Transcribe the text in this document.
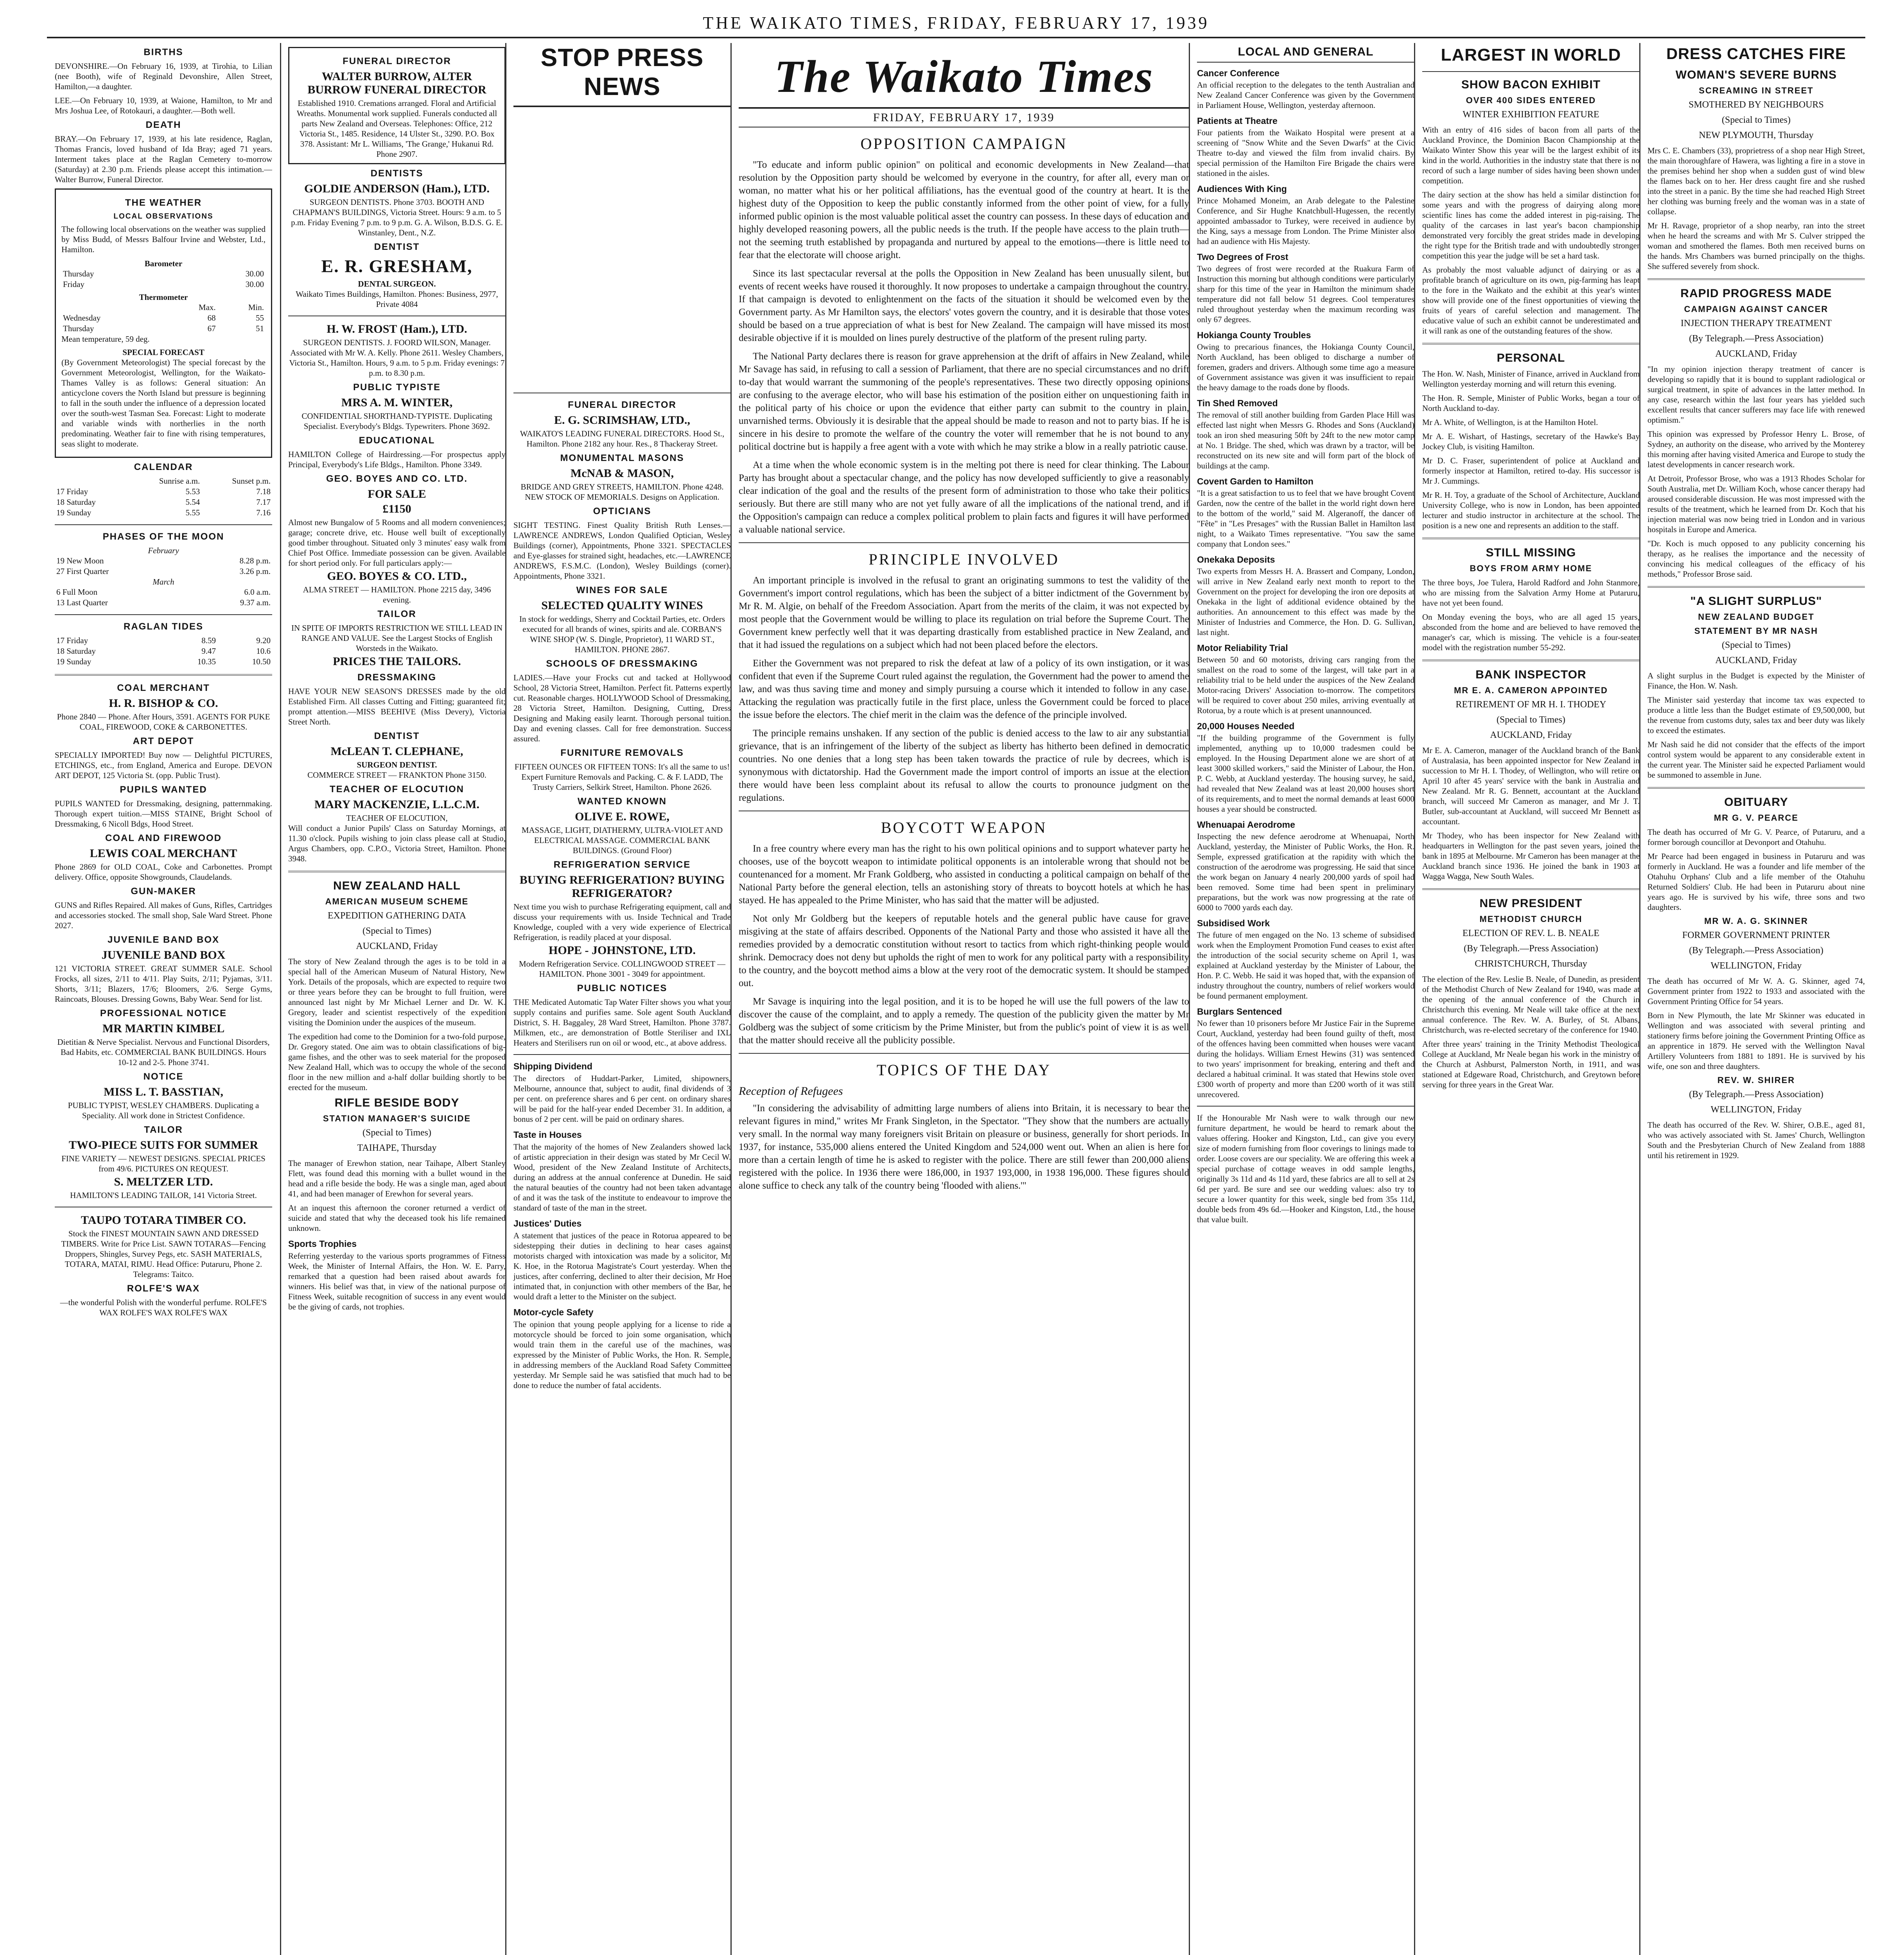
THE WAIKATO TIMES, FRIDAY, FEBRUARY 17, 1939
BIRTHS

DEVONSHIRE.—On February 16, 1939, at Tirohia, to Lilian (nee Booth), wife of Reginald Devonshire, Allen Street, Hamilton,—a daughter.

LEE.—On February 10, 1939, at Waione, Hamilton, to Mr and Mrs Joshua Lee, of Rotokauri, a daughter.—Both well.

DEATH

BRAY.—On February 17, 1939, at his late residence, Raglan, Thomas Francis, loved husband of Ida Bray; aged 71 years. Interment takes place at the Raglan Cemetery to-morrow (Saturday) at 2.30 p.m. Friends please accept this intimation.—Walter Burrow, Funeral Director.

THE WEATHER
LOCAL OBSERVATIONS

The following local observations on the weather was supplied by Miss Budd, of Messrs Balfour Irvine and Webster, Ltd., Hamilton.

Barometer
Thursday	30.00
Friday	30.00
Thermometer
	Max.	Min.
Wednesday	68	55
Thursday	67	51
Mean temperature, 59 deg.
SPECIAL FORECAST

(By Government Meteorologist) The special forecast by the Government Meteorologist, Wellington, for the Waikato-Thames Valley is as follows: General situation: An anticyclone covers the North Island but pressure is beginning to fall in the south under the influence of a depression located over the south-west Tasman Sea. Forecast: Light to moderate and variable winds with northerlies in the north predominating. Weather fair to fine with rising temperatures, seas slight to moderate.

CALENDAR
	Sunrise a.m.	Sunset p.m.
17 Friday	5.53	7.18
18 Saturday	5.54	7.17
19 Sunday	5.55	7.16
PHASES OF THE MOON
February
19 New Moon	8.28 p.m.
27 First Quarter	3.26 p.m.
March
6 Full Moon	6.0 a.m.
13 Last Quarter	9.37 a.m.
RAGLAN TIDES
17 Friday	8.59	9.20
18 Saturday	9.47	10.6
19 Sunday	10.35	10.50
COAL MERCHANT
H. R. BISHOP & CO.
Phone 2840 — Phone. After Hours, 3591. AGENTS FOR PUKE COAL, FIREWOOD, COKE & CARBONETTES.
ART DEPOT
SPECIALLY IMPORTED! Buy now — Delightful PICTURES, ETCHINGS, etc., from England, America and Europe. DEVON ART DEPOT, 125 Victoria St. (opp. Public Trust).
PUPILS WANTED
PUPILS WANTED for Dressmaking, designing, patternmaking. Thorough expert tuition.—MISS STAINE, Bright School of Dressmaking, 6 Nicoll Bdgs, Hood Street.
COAL AND FIREWOOD
LEWIS COAL MERCHANT
Phone 2869 for OLD COAL, Coke and Carbonettes. Prompt delivery. Office, opposite Showgrounds, Claudelands.
GUN-MAKER
GUNS and Rifles Repaired. All makes of Guns, Rifles, Cartridges and accessories stocked. The small shop, Sale Ward Street. Phone 2027.
JUVENILE BAND BOX
JUVENILE BAND BOX
121 VICTORIA STREET. GREAT SUMMER SALE. School Frocks, all sizes, 2/11 to 4/11. Play Suits, 2/11; Pyjamas, 3/11. Shorts, 3/11; Blazers, 17/6; Bloomers, 2/6. Serge Gyms, Raincoats, Blouses. Dressing Gowns, Baby Wear. Send for list.
PROFESSIONAL NOTICE
MR MARTIN KIMBEL
Dietitian & Nerve Specialist. Nervous and Functional Disorders, Bad Habits, etc. COMMERCIAL BANK BUILDINGS. Hours 10-12 and 2-5. Phone 3741.
NOTICE
MISS L. T. BASSTIAN,
PUBLIC TYPIST, WESLEY CHAMBERS. Duplicating a Speciality. All work done in Strictest Confidence.
TAILOR
TWO-PIECE SUITS FOR SUMMER
FINE VARIETY — NEWEST DESIGNS. SPECIAL PRICES from 49/6. PICTURES ON REQUEST.
S. MELTZER LTD.
HAMILTON'S LEADING TAILOR, 141 Victoria Street.
TAUPO TOTARA TIMBER CO.
Stock the FINEST MOUNTAIN SAWN AND DRESSED TIMBERS. Write for Price List. SAWN TOTARAS—Fencing Droppers, Shingles, Survey Pegs, etc. SASH MATERIALS, TOTARA, MATAI, RIMU. Head Office: Putaruru, Phone 2. Telegrams: Taitco.
ROLFE'S WAX
—the wonderful Polish with the wonderful perfume. ROLFE'S WAX ROLFE'S WAX ROLFE'S WAX
FUNERAL DIRECTOR
WALTER BURROW, ALTER BURROW FUNERAL DIRECTOR
Established 1910. Cremations arranged. Floral and Artificial Wreaths. Monumental work supplied. Funerals conducted all parts New Zealand and Overseas. Telephones: Office, 212 Victoria St., 1485. Residence, 14 Ulster St., 3290. P.O. Box 378. Assistant: Mr L. Williams, 'The Grange,' Hukanui Rd. Phone 2907.
DENTISTS
GOLDIE ANDERSON (Ham.), LTD.
SURGEON DENTISTS. Phone 3703. BOOTH AND CHAPMAN'S BUILDINGS, Victoria Street. Hours: 9 a.m. to 5 p.m. Friday Evening 7 p.m. to 9 p.m. G. A. Wilson, B.D.S. G. E. Winstanley, Dent., N.Z.
DENTIST
E. R. GRESHAM,
DENTAL SURGEON.
Waikato Times Buildings, Hamilton. Phones: Business, 2977, Private 4084
H. W. FROST (Ham.), LTD.
SURGEON DENTISTS. J. FOORD WILSON, Manager. Associated with Mr W. A. Kelly. Phone 2611. Wesley Chambers, Victoria St., Hamilton. Hours, 9 a.m. to 5 p.m. Friday evenings: 7 p.m. to 8.30 p.m.
PUBLIC TYPISTE
MRS A. M. WINTER,
CONFIDENTIAL SHORTHAND-TYPISTE. Duplicating Specialist. Everybody's Bldgs. Typewriters. Phone 3692.
EDUCATIONAL
HAMILTON College of Hairdressing.—For prospectus apply Principal, Everybody's Life Bldgs., Hamilton. Phone 3349.
GEO. BOYES AND CO. LTD.
FOR SALE
£1150
Almost new Bungalow of 5 Rooms and all modern conveniences; garage; concrete drive, etc. House well built of exceptionally good timber throughout. Situated only 3 minutes' easy walk from Chief Post Office. Immediate possession can be given. Available for short period only. For full particulars apply:—
GEO. BOYES & CO. LTD.,
ALMA STREET — HAMILTON. Phone 2215 day, 3496 evening.
TAILOR
IN SPITE OF IMPORTS RESTRICTION WE STILL LEAD IN RANGE AND VALUE. See the Largest Stocks of English Worsteds in the Waikato.
PRICES THE TAILORS.
DRESSMAKING
HAVE YOUR NEW SEASON'S DRESSES made by the old Established Firm. All classes Cutting and Fitting; guaranteed fit; prompt attention.—MISS BEEHIVE (Miss Devery), Victoria Street North.
DENTIST
McLEAN T. CLEPHANE,
SURGEON DENTIST.
COMMERCE STREET — FRANKTON Phone 3150.
TEACHER OF ELOCUTION
MARY MACKENZIE, L.L.C.M.
TEACHER OF ELOCUTION,
Will conduct a Junior Pupils' Class on Saturday Mornings, at 11.30 o'clock. Pupils wishing to join class please call at Studio, Argus Chambers, opp. C.P.O., Victoria Street, Hamilton. Phone 3948.
NEW ZEALAND HALL
AMERICAN MUSEUM SCHEME
EXPEDITION GATHERING DATA
(Special to Times)
AUCKLAND, Friday

The story of New Zealand through the ages is to be told in a special hall of the American Museum of Natural History, New York. Details of the proposals, which are expected to require two or three years before they can be brought to full fruition, were announced last night by Mr Michael Lerner and Dr. W. K. Gregory, leader and scientist respectively of the expedition visiting the Dominion under the auspices of the museum.

The expedition had come to the Dominion for a two-fold purpose, Dr. Gregory stated. One aim was to obtain classifications of big-game fishes, and the other was to seek material for the proposed New Zealand Hall, which was to occupy the whole of the second floor in the new million and a-half dollar building shortly to be erected for the museum.

RIFLE BESIDE BODY
STATION MANAGER'S SUICIDE
(Special to Times)
TAIHAPE, Thursday

The manager of Erewhon station, near Taihape, Albert Stanley Flett, was found dead this morning with a bullet wound in the head and a rifle beside the body. He was a single man, aged about 41, and had been manager of Erewhon for several years.

At an inquest this afternoon the coroner returned a verdict of suicide and stated that why the deceased took his life remained unknown.

Sports Trophies
Referring yesterday to the various sports programmes of Fitness Week, the Minister of Internal Affairs, the Hon. W. E. Parry, remarked that a question had been raised about awards for winners. His belief was that, in view of the national purpose of Fitness Week, suitable recognition of success in any event would be the giving of cards, not trophies.
STOP PRESS NEWS
FUNERAL DIRECTOR
E. G. SCRIMSHAW, LTD.,
WAIKATO'S LEADING FUNERAL DIRECTORS. Hood St., Hamilton. Phone 2182 any hour. Res., 8 Thackeray Street.
MONUMENTAL MASONS
McNAB & MASON,
BRIDGE AND GREY STREETS, HAMILTON. Phone 4248. NEW STOCK OF MEMORIALS. Designs on Application.
OPTICIANS
SIGHT TESTING. Finest Quality British Ruth Lenses.—LAWRENCE ANDREWS, London Qualified Optician, Wesley Buildings (corner), Appointments, Phone 3321. SPECTACLES and Eye-glasses for strained sight, headaches, etc.—LAWRENCE ANDREWS, F.S.M.C. (London), Wesley Buildings (corner). Appointments, Phone 3321.
WINES FOR SALE
SELECTED QUALITY WINES
In stock for weddings, Sherry and Cocktail Parties, etc. Orders executed for all brands of wines, spirits and ale. CORBAN'S WINE SHOP (W. S. Dingle, Proprietor), 11 WARD ST., HAMILTON. PHONE 2867.
SCHOOLS OF DRESSMAKING
LADIES.—Have your Frocks cut and tacked at Hollywood School, 28 Victoria Street, Hamilton. Perfect fit. Patterns expertly cut. Reasonable charges. HOLLYWOOD School of Dressmaking, 28 Victoria Street, Hamilton. Designing, Cutting, Dress Designing and Making easily learnt. Thorough personal tuition. Day and evening classes. Call for free demonstration. Success assured.
FURNITURE REMOVALS
FIFTEEN OUNCES OR FIFTEEN TONS: It's all the same to us! Expert Furniture Removals and Packing. C. & F. LADD, The Trusty Carriers, Selkirk Street, Hamilton. Phone 2626.
WANTED KNOWN
OLIVE E. ROWE,
MASSAGE, LIGHT, DIATHERMY, ULTRA-VIOLET AND ELECTRICAL MASSAGE. COMMERCIAL BANK BUILDINGS. (Ground Floor)
REFRIGERATION SERVICE
BUYING REFRIGERATION? BUYING REFRIGERATOR?
Next time you wish to purchase Refrigerating equipment, call and discuss your requirements with us. Inside Technical and Trade Knowledge, coupled with a very wide experience of Electrical Refrigeration, is readily placed at your disposal.
HOPE - JOHNSTONE, LTD.
Modern Refrigeration Service. COLLINGWOOD STREET — HAMILTON. Phone 3001 - 3049 for appointment.
PUBLIC NOTICES
THE Medicated Automatic Tap Water Filter shows you what your supply contains and purifies same. Sole agent South Auckland District, S. H. Baggaley, 28 Ward Street, Hamilton. Phone 3787. Milkmen, etc., are demonstration of Bottle Steriliser and IXL Heaters and Sterilisers run on oil or wood, etc., at above address.
Shipping Dividend
The directors of Huddart-Parker, Limited, shipowners, Melbourne, announce that, subject to audit, final dividends of 3 per cent. on preference shares and 6 per cent. on ordinary shares will be paid for the half-year ended December 31. In addition, a bonus of 2 per cent. will be paid on ordinary shares.
Taste in Houses
That the majority of the homes of New Zealanders showed lack of artistic appreciation in their design was stated by Mr Cecil W. Wood, president of the New Zealand Institute of Architects, during an address at the annual conference at Dunedin. He said the natural beauties of the country had not been taken advantage of and it was the task of the institute to endeavour to improve the standard of taste of the man in the street.
Justices' Duties
A statement that justices of the peace in Rotorua appeared to be sidestepping their duties in declining to hear cases against motorists charged with intoxication was made by a solicitor, Mr K. Hoe, in the Rotorua Magistrate's Court yesterday. When the justices, after conferring, declined to alter their decision, Mr Hoe intimated that, in conjunction with other members of the Bar, he would draft a letter to the Minister on the subject.
Motor-cycle Safety
The opinion that young people applying for a license to ride a motorcycle should be forced to join some organisation, which would train them in the careful use of the machines, was expressed by the Minister of Public Works, the Hon. R. Semple, in addressing members of the Auckland Road Safety Committee yesterday. Mr Semple said he was satisfied that much had to be done to reduce the number of fatal accidents.
The Waikato Times
FRIDAY, FEBRUARY 17, 1939
OPPOSITION CAMPAIGN

"To educate and inform public opinion" on political and economic developments in New Zealand—that resolution by the Opposition party should be welcomed by everyone in the country, for after all, every man or woman, no matter what his or her political affiliations, has the eventual good of the country at heart. It is the highest duty of the Opposition to keep the public constantly informed from the other point of view, for a fully informed public opinion is the most valuable political asset the country can possess. In these days of education and highly developed reasoning powers, all the public needs is the truth. If the people have access to the plain truth—not the seeming truth established by propaganda and nurtured by appeal to the emotions—there is little need to fear that the electorate will choose aright.

Since its last spectacular reversal at the polls the Opposition in New Zealand has been unusually silent, but events of recent weeks have roused it thoroughly. It now proposes to undertake a campaign throughout the country. If that campaign is devoted to enlightenment on the facts of the situation it should be welcomed even by the Government party. As Mr Hamilton says, the electors' votes govern the country, and it is desirable that those votes should be based on a true appreciation of what is best for New Zealand. The campaign will have missed its most desirable objective if it is moulded on lines purely destructive of the platform of the present ruling party.

The National Party declares there is reason for grave apprehension at the drift of affairs in New Zealand, while Mr Savage has said, in refusing to call a session of Parliament, that there are no special circumstances and no drift to-day that would warrant the summoning of the people's representatives. These two directly opposing opinions are confusing to the average elector, who will base his estimation of the position either on unquestioning faith in the political party of his choice or upon the evidence that either party can submit to the country in plain, unvarnished terms. Obviously it is desirable that the appeal should be made to reason and not to party bias. If he is sincere in his desire to promote the welfare of the country the voter will remember that he is not bound to any political doctrine but is happily a free agent with a vote with which he may strike a blow in a really patriotic cause.

At a time when the whole economic system is in the melting pot there is need for clear thinking. The Labour Party has brought about a spectacular change, and the policy has now developed sufficiently to give a reasonably clear indication of the goal and the results of the present form of administration to those who take their politics seriously. But there are still many who are not yet fully aware of all the implications of the national trend, and if the Opposition's campaign can reduce a complex political problem to plain facts and figures it will have performed a valuable national service.

PRINCIPLE INVOLVED

An important principle is involved in the refusal to grant an originating summons to test the validity of the Government's import control regulations, which has been the subject of a bitter indictment of the Government by Mr R. M. Algie, on behalf of the Freedom Association. Apart from the merits of the claim, it was not expected by most people that the Government would be willing to place its regulation on trial before the Supreme Court. The Government knew perfectly well that it was departing drastically from established practice in New Zealand, and that it had issued the regulations on a subject which had not been placed before the electors.

Either the Government was not prepared to risk the defeat at law of a policy of its own instigation, or it was confident that even if the Supreme Court ruled against the regulation, the Government had the power to amend the law, and was thus saving time and money and simply pursuing a course which it intended to follow in any case. Attacking the regulation was practically futile in the first place, unless the Government could be forced to place the issue before the electors. The chief merit in the claim was the defence of the principle involved.

The principle remains unshaken. If any section of the public is denied access to the law to air any substantial grievance, that is an infringement of the liberty of the subject as liberty has hitherto been defined in democratic countries. No one denies that a long step has been taken towards the practice of rule by decrees, which is synonymous with dictatorship. Had the Government made the import control of imports an issue at the election there would have been less complaint about its refusal to allow the courts to pronounce judgment on the regulations.

BOYCOTT WEAPON

In a free country where every man has the right to his own political opinions and to support whatever party he chooses, use of the boycott weapon to intimidate political opponents is an intolerable wrong that should not be countenanced for a moment. Mr Frank Goldberg, who assisted in conducting a political campaign on behalf of the National Party before the general election, tells an astonishing story of threats to boycott hotels at which he has stayed. He has appealed to the Prime Minister, who has said that the matter will be adjusted.

Not only Mr Goldberg but the keepers of reputable hotels and the general public have cause for grave misgiving at the state of affairs described. Opponents of the National Party and those who assisted it have all the remedies provided by a democratic constitution without resort to tactics from which right-thinking people would shrink. Democracy does not deny but upholds the right of men to work for any political party with a responsibility to the country, and the boycott method aims a blow at the very root of the democratic system. It should be stamped out.

Mr Savage is inquiring into the legal position, and it is to be hoped he will use the full powers of the law to discover the cause of the complaint, and to apply a remedy. The question of the publicity given the matter by Mr Goldberg was the subject of some criticism by the Prime Minister, but from the public's point of view it is as well that the matter should receive all the publicity possible.

TOPICS OF THE DAY
Reception of Refugees

"In considering the advisability of admitting large numbers of aliens into Britain, it is necessary to bear the relevant figures in mind," writes Mr Frank Singleton, in the Spectator. "They show that the numbers are actually very small. In the normal way many foreigners visit Britain on pleasure or business, generally for short periods. In 1937, for instance, 535,000 aliens entered the United Kingdom and 524,000 went out. When an alien is here for more than a certain length of time he is asked to register with the police. There are still fewer than 200,000 aliens registered with the police. In 1936 there were 186,000, in 1937 193,000, in 1938 196,000. These figures should alone suffice to check any talk of the country being 'flooded with aliens.'"

LOCAL AND GENERAL
Cancer Conference

An official reception to the delegates to the tenth Australian and New Zealand Cancer Conference was given by the Government in Parliament House, Wellington, yesterday afternoon.

Patients at Theatre

Four patients from the Waikato Hospital were present at a screening of "Snow White and the Seven Dwarfs" at the Civic Theatre to-day and viewed the film from invalid chairs. By special permission of the Hamilton Fire Brigade the chairs were stationed in the aisles.

Audiences With King

Prince Mohamed Moneim, an Arab delegate to the Palestine Conference, and Sir Hughe Knatchbull-Hugessen, the recently appointed ambassador to Turkey, were received in audience by the King, says a message from London. The Prime Minister also had an audience with His Majesty.

Two Degrees of Frost

Two degrees of frost were recorded at the Ruakura Farm of Instruction this morning but although conditions were particularly sharp for this time of the year in Hamilton the minimum shade temperature did not fall below 51 degrees. Cool temperatures ruled throughout yesterday when the maximum recording was only 67 degrees.

Hokianga County Troubles

Owing to precarious finances, the Hokianga County Council, North Auckland, has been obliged to discharge a number of foremen, graders and drivers. Although some time ago a measure of Government assistance was given it was insufficient to repair the heavy damage to the roads done by floods.

Tin Shed Removed

The removal of still another building from Garden Place Hill was effected last night when Messrs G. Rhodes and Sons (Auckland) took an iron shed measuring 50ft by 24ft to the new motor camp at No. 1 Bridge. The shed, which was drawn by a tractor, will be reconstructed on its new site and will form part of the block of buildings at the camp.

Covent Garden to Hamilton

"It is a great satisfaction to us to feel that we have brought Covent Garden, now the centre of the ballet in the world right down here to the bottom of the world," said M. Algeranoff, the dancer of "Fête" in "Les Presages" with the Russian Ballet in Hamilton last night, to a Waikato Times representative. "You saw the same company that London sees."

Onekaka Deposits

Two experts from Messrs H. A. Brassert and Company, London, will arrive in New Zealand early next month to report to the Government on the project for developing the iron ore deposits at Onekaka in the light of additional evidence obtained by the authorities. An announcement to this effect was made by the Minister of Industries and Commerce, the Hon. D. G. Sullivan, last night.

Motor Reliability Trial

Between 50 and 60 motorists, driving cars ranging from the smallest on the road to some of the largest, will take part in a reliability trial to be held under the auspices of the New Zealand Motor-racing Drivers' Association to-morrow. The competitors will be required to cover about 250 miles, arriving eventually at Rotorua, by a route which is at present unannounced.

20,000 Houses Needed

"If the building programme of the Government is fully implemented, anything up to 10,000 tradesmen could be employed. In the Housing Department alone we are short of at least 3000 skilled workers," said the Minister of Labour, the Hon. P. C. Webb, at Auckland yesterday. The housing survey, he said, had revealed that New Zealand was at least 20,000 houses short of its requirements, and to meet the normal demands at least 6000 houses a year should be constructed.

Whenuapai Aerodrome

Inspecting the new defence aerodrome at Whenuapai, North Auckland, yesterday, the Minister of Public Works, the Hon. R. Semple, expressed gratification at the rapidity with which the construction of the aerodrome was progressing. He said that since the work began on January 4 nearly 200,000 yards of spoil had been removed. Some time had been spent in preliminary preparations, but the work was now progressing at the rate of 6000 to 7000 yards each day.

Subsidised Work

The future of men engaged on the No. 13 scheme of subsidised work when the Employment Promotion Fund ceases to exist after the introduction of the social security scheme on April 1, was explained at Auckland yesterday by the Minister of Labour, the Hon. P. C. Webb. He said it was hoped that, with the expansion of industry throughout the country, numbers of relief workers would be found permanent employment.

Burglars Sentenced

No fewer than 10 prisoners before Mr Justice Fair in the Supreme Court, Auckland, yesterday had been found guilty of theft, most of the offences having been committed when houses were vacant during the holidays. William Ernest Hewins (31) was sentenced to two years' imprisonment for breaking, entering and theft and declared a habitual criminal. It was stated that Hewins stole over £300 worth of property and more than £200 worth of it was still unrecovered.

If the Honourable Mr Nash were to walk through our new furniture department, he would be heard to remark about the values offering. Hooker and Kingston, Ltd., can give you every size of modern furnishing from floor coverings to linings made to order. Loose covers are our speciality. We are offering this week a special purchase of cottage weaves in odd sample lengths, originally 3s 11d and 4s 11d yard, these fabrics are all to sell at 2s 6d per yard. Be sure and see our wedding values: also try to secure a lower quantity for this week, single bed from 35s 11d, double beds from 49s 6d.—Hooker and Kingston, Ltd., the house that value built.

LARGEST IN WORLD
SHOW BACON EXHIBIT
OVER 400 SIDES ENTERED
WINTER EXHIBITION FEATURE

With an entry of 416 sides of bacon from all parts of the Auckland Province, the Dominion Bacon Championship at the Waikato Winter Show this year will be the largest exhibit of its kind in the world. Authorities in the industry state that there is no record of such a large number of sides having been shown under competition.

The dairy section at the show has held a similar distinction for some years and with the progress of dairying along more scientific lines has come the added interest in pig-raising. The quality of the carcases in last year's bacon championship demonstrated very forcibly the great strides made in developing the right type for the British trade and with undoubtedly stronger competition this year the judge will be set a hard task.

As probably the most valuable adjunct of dairying or as a profitable branch of agriculture on its own, pig-farming has leapt to the fore in the Waikato and the exhibit at this year's winter show will provide one of the finest opportunities of viewing the fruits of years of careful selection and management. The educative value of such an exhibit cannot be underestimated and it will rank as one of the outstanding features of the show.

PERSONAL

The Hon. W. Nash, Minister of Finance, arrived in Auckland from Wellington yesterday morning and will return this evening.

The Hon. R. Semple, Minister of Public Works, began a tour of North Auckland to-day.

Mr A. White, of Wellington, is at the Hamilton Hotel.

Mr A. E. Wishart, of Hastings, secretary of the Hawke's Bay Jockey Club, is visiting Hamilton.

Mr D. C. Fraser, superintendent of police at Auckland and formerly inspector at Hamilton, retired to-day. His successor is Mr J. Cummings.

Mr R. H. Toy, a graduate of the School of Architecture, Auckland University College, who is now in London, has been appointed lecturer and studio instructor in architecture at the school. The position is a new one and represents an addition to the staff.

STILL MISSING
BOYS FROM ARMY HOME

The three boys, Joe Tulera, Harold Radford and John Stanmore, who are missing from the Salvation Army Home at Putaruru, have not yet been found.

On Monday evening the boys, who are all aged 15 years, absconded from the home and are believed to have removed the manager's car, which is missing. The vehicle is a four-seater model with the registration number 55-292.

BANK INSPECTOR
MR E. A. CAMERON APPOINTED
RETIREMENT OF MR H. I. THODEY
(Special to Times)
AUCKLAND, Friday

Mr E. A. Cameron, manager of the Auckland branch of the Bank of Australasia, has been appointed inspector for New Zealand in succession to Mr H. I. Thodey, of Wellington, who will retire on April 10 after 45 years' service with the bank in Australia and New Zealand. Mr R. G. Bennett, accountant at the Auckland branch, will succeed Mr Cameron as manager, and Mr J. T. Butler, sub-accountant at Auckland, will succeed Mr Bennett as accountant.

Mr Thodey, who has been inspector for New Zealand with headquarters in Wellington for the past seven years, joined the bank in 1895 at Melbourne. Mr Cameron has been manager at the Auckland branch since 1936. He joined the bank in 1903 at Wagga Wagga, New South Wales.

NEW PRESIDENT
METHODIST CHURCH
ELECTION OF REV. L. B. NEALE
(By Telegraph.—Press Association)
CHRISTCHURCH, Thursday

The election of the Rev. Leslie B. Neale, of Dunedin, as president of the Methodist Church of New Zealand for 1940, was made at the opening of the annual conference of the Church in Christchurch this evening. Mr Neale will take office at the next annual conference. The Rev. W. A. Burley, of St. Albans, Christchurch, was re-elected secretary of the conference for 1940.

After three years' training in the Trinity Methodist Theological College at Auckland, Mr Neale began his work in the ministry of the Church at Ashburst, Palmerston North, in 1911, and was stationed at Edgeware Road, Christchurch, and Greytown before serving for three years in the Great War.

DRESS CATCHES FIRE
WOMAN'S SEVERE BURNS
SCREAMING IN STREET
SMOTHERED BY NEIGHBOURS
(Special to Times)
NEW PLYMOUTH, Thursday

Mrs C. E. Chambers (33), proprietress of a shop near High Street, the main thoroughfare of Hawera, was lighting a fire in a stove in the premises behind her shop when a sudden gust of wind blew the flames back on to her. Her dress caught fire and she rushed into the street in a panic. By the time she had reached High Street her clothing was burning freely and the woman was in a state of collapse.

Mr H. Ravage, proprietor of a shop nearby, ran into the street when he heard the screams and with Mr S. Culver stripped the woman and smothered the flames. Both men received burns on the hands. Mrs Chambers was burned principally on the thighs. She suffered severely from shock.

RAPID PROGRESS MADE
CAMPAIGN AGAINST CANCER
INJECTION THERAPY TREATMENT
(By Telegraph.—Press Association)
AUCKLAND, Friday

"In my opinion injection therapy treatment of cancer is developing so rapidly that it is bound to supplant radiological or surgical treatment, in spite of advances in the latter method. In any case, research within the last four years has yielded such excellent results that cancer sufferers may face life with renewed optimism."

This opinion was expressed by Professor Henry L. Brose, of Sydney, an authority on the disease, who arrived by the Monterey this morning after having visited America and Europe to study the latest developments in cancer research work.

At Detroit, Professor Brose, who was a 1913 Rhodes Scholar for South Australia, met Dr. William Koch, whose cancer therapy had aroused considerable discussion. He was most impressed with the results of the treatment, which he learned from Dr. Koch that his injection material was now being tried in London and in various hospitals in Europe and America.

"Dr. Koch is much opposed to any publicity concerning his therapy, as he realises the importance and the necessity of convincing his medical colleagues of the efficacy of his methods," Professor Brose said.

"A SLIGHT SURPLUS"
NEW ZEALAND BUDGET
STATEMENT BY MR NASH
(Special to Times)
AUCKLAND, Friday

A slight surplus in the Budget is expected by the Minister of Finance, the Hon. W. Nash.

The Minister said yesterday that income tax was expected to produce a little less than the Budget estimate of £9,500,000, but the revenue from customs duty, sales tax and beer duty was likely to exceed the estimates.

Mr Nash said he did not consider that the effects of the import control system would be apparent to any considerable extent in the current year. The Minister said he expected Parliament would be summoned to assemble in June.

OBITUARY
MR G. V. PEARCE

The death has occurred of Mr G. V. Pearce, of Putaruru, and a former borough councillor at Devonport and Otahuhu.

Mr Pearce had been engaged in business in Putaruru and was formerly in Auckland. He was a founder and life member of the Otahuhu Orphans' Club and a life member of the Otahuhu Returned Soldiers' Club. He had been in Putaruru about nine years ago. He is survived by his wife, three sons and two daughters.

MR W. A. G. SKINNER
FORMER GOVERNMENT PRINTER
(By Telegraph.—Press Association)
WELLINGTON, Friday

The death has occurred of Mr W. A. G. Skinner, aged 74, Government printer from 1922 to 1933 and associated with the Government Printing Office for 54 years.

Born in New Plymouth, the late Mr Skinner was educated in Wellington and was associated with several printing and stationery firms before joining the Government Printing Office as an apprentice in 1879. He served with the Wellington Naval Artillery Volunteers from 1881 to 1891. He is survived by his wife, one son and three daughters.

REV. W. SHIRER
(By Telegraph.—Press Association)
WELLINGTON, Friday

The death has occurred of the Rev. W. Shirer, O.B.E., aged 81, who was actively associated with St. James' Church, Wellington South and the Presbyterian Church of New Zealand from 1888 until his retirement in 1929.
